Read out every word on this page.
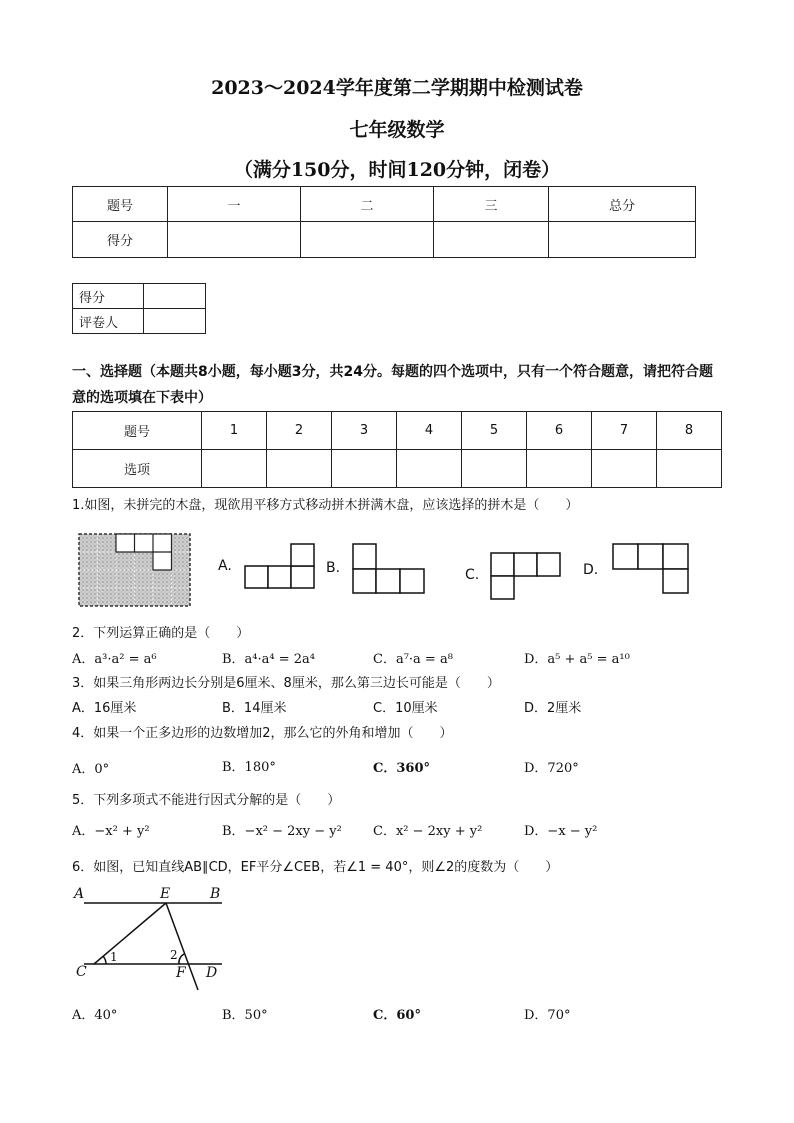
2023～2024学年度第二学期期中检测试卷
七年级数学
（满分150分，时间120分钟，闭卷）
题号	一	二	三	总分
得分				
得分	
评卷人	
一、选择题（本题共8小题，每小题3分，共24分。每题的四个选项中，只有一个符合题意，请把符合题意的选项填在下表中）
题号	1	2	3	4	5	6	7	8
选项								
1.如图，未拼完的木盘，现欲用平移方式移动拼木拼满木盘，应该选择的拼木是（　　）
A.	B.	C.	D.
2．下列运算正确的是（　　）
A．a³·a² = a⁶	B．a⁴·a⁴ = 2a⁴	C．a⁷·a = a⁸	D．a⁵ + a⁵ = a¹⁰
3．如果三角形两边长分别是6厘米、8厘米，那么第三边长可能是（　　）
A．16厘米	B．14厘米	C．10厘米	D．2厘米
4．如果一个正多边形的边数增加2，那么它的外角和增加（　　）
A．0°	B．180°	C．360°	D．720°
5．下列多项式不能进行因式分解的是（　　）
A．−x² + y²	B．−x² − 2xy − y² C．x² − 2xy + y²	D．−x − y²
6．如图，已知直线AB∥CD，EF平分∠CEB，若∠1 = 40°，则∠2的度数为（　　）
A	E	B
C	F D
1	2
A．40°	B．50°	C．60°	D．70°
